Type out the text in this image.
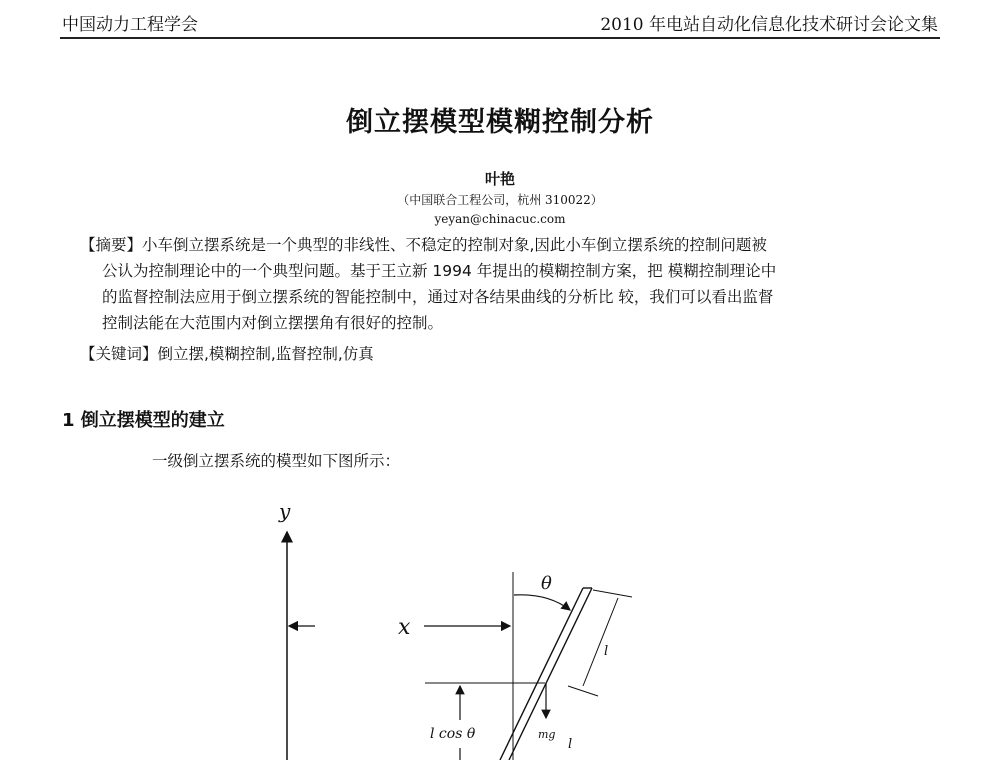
中国动力工程学会	2010 年电站自动化信息化技术研讨会论文集
倒立摆模型模糊控制分析
叶艳
（中国联合工程公司，杭州 310022）
yeyan@chinacuc.com

【摘要】小车倒立摆系统是一个典型的非线性、不稳定的控制对象,因此小车倒立摆系统的控制问题被

公认为控制理论中的一个典型问题。基于王立新 1994 年提出的模糊控制方案，把 模糊控制理论中

的监督控制法应用于倒立摆系统的智能控制中，通过对各结果曲线的分析比 较，我们可以看出监督

控制法能在大范围内对倒立摆摆角有很好的控制。

【关键词】倒立摆,模糊控制,监督控制,仿真
1 倒立摆模型的建立
一级倒立摆系统的模型如下图所示：
y
x
θ
l
l
l cos θ	mg
